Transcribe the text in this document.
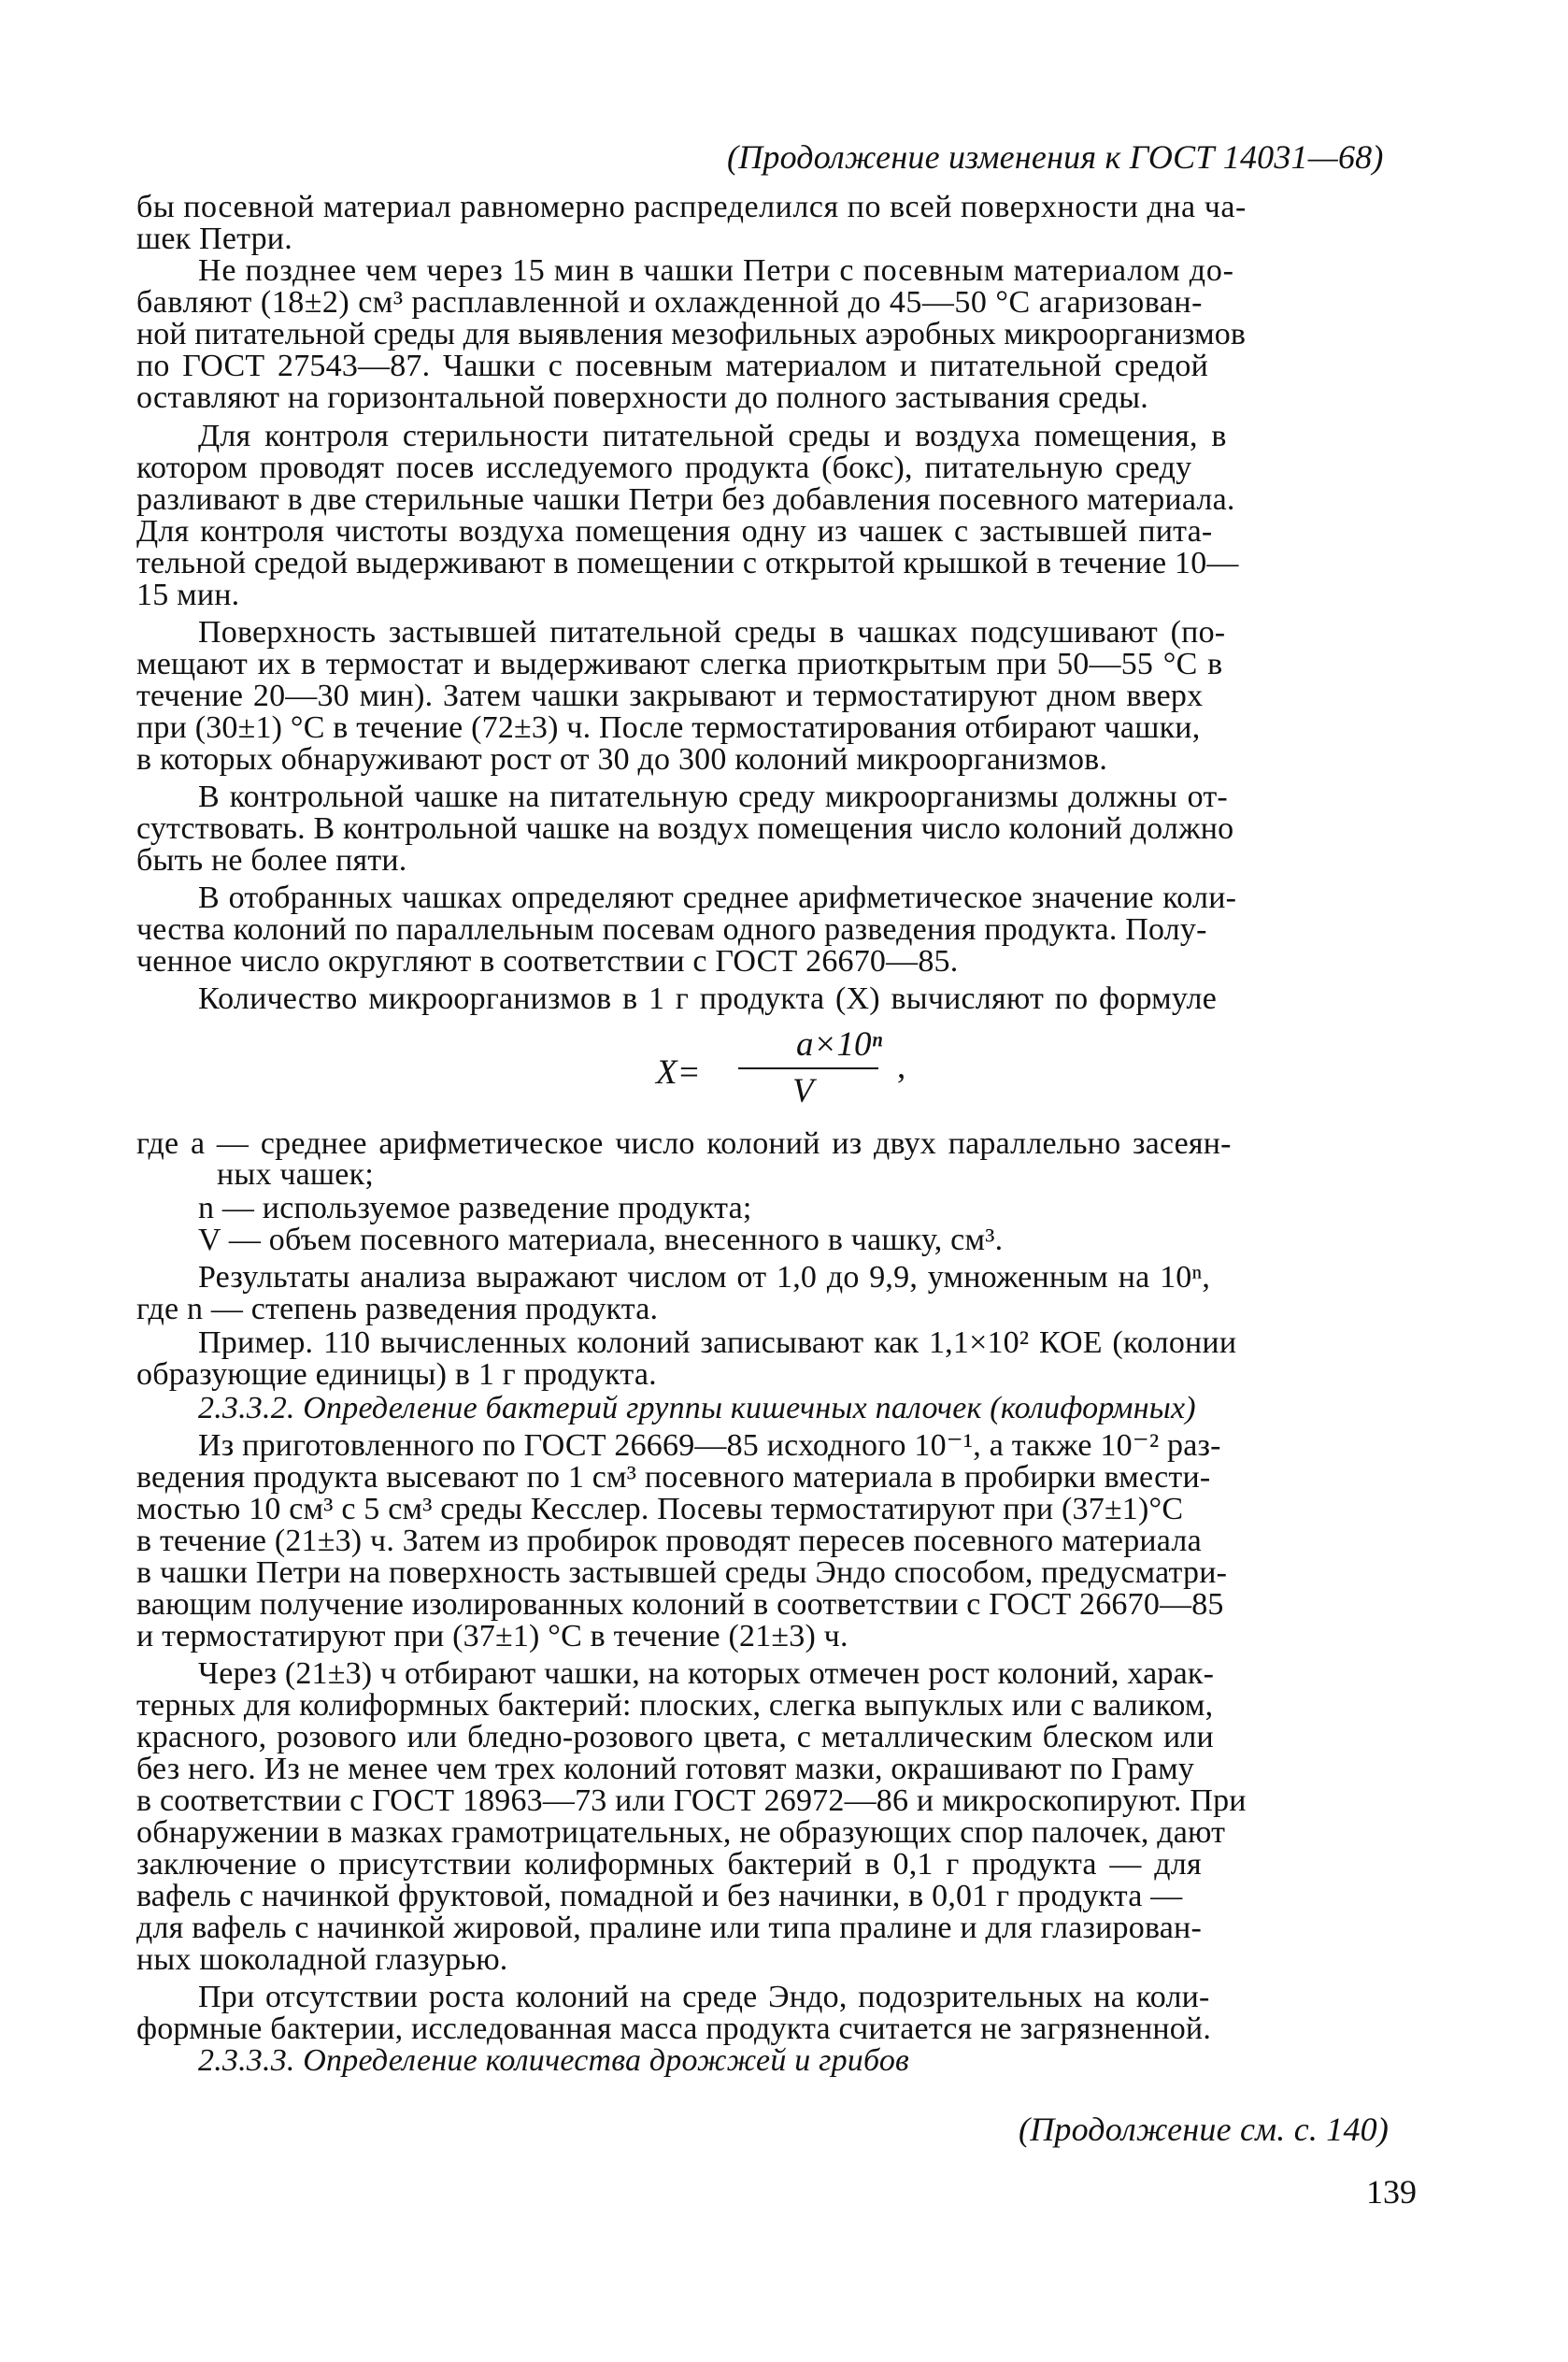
(Продолжение изменения к ГОСТ 14031—68)
бы посевной материал равномерно распределился по всей поверхности дна ча-
шек Петри.
Не позднее чем через 15 мин в чашки Петри с посевным материалом до-
бавляют (18±2) см³ расплавленной и охлажденной до 45—50 °С агаризован-
ной питательной среды для выявления мезофильных аэробных микроорганизмов
по ГОСТ 27543—87. Чашки с посевным материалом и питательной средой
оставляют на горизонтальной поверхности до полного застывания среды.
Для контроля стерильности питательной среды и воздуха помещения, в
котором проводят посев исследуемого продукта (бокс), питательную среду
разливают в две стерильные чашки Петри без добавления посевного материала.
Для контроля чистоты воздуха помещения одну из чашек с застывшей пита-
тельной средой выдерживают в помещении с открытой крышкой в течение 10—
15 мин.
Поверхность застывшей питательной среды в чашках подсушивают (по-
мещают их в термостат и выдерживают слегка приоткрытым при 50—55 °С в
течение 20—30 мин). Затем чашки закрывают и термостатируют дном вверх
при (30±1) °С в течение (72±3) ч. После термостатирования отбирают чашки,
в которых обнаруживают рост от 30 до 300 колоний микроорганизмов.
В контрольной чашке на питательную среду микроорганизмы должны от-
сутствовать. В контрольной чашке на воздух помещения число колоний должно
быть не более пяти.
В отобранных чашках определяют среднее арифметическое значение коли-
чества колоний по параллельным посевам одного разведения продукта. Полу-
ченное число округляют в соответствии с ГОСТ 26670—85.
Количество микроорганизмов в 1 г продукта (X) вычисляют по формуле
X=
a×10ⁿ
V
,
где a — среднее арифметическое число колоний из двух параллельно засеян-
ных чашек;
n — используемое разведение продукта;
V — объем посевного материала, внесенного в чашку, см³.
Результаты анализа выражают числом от 1,0 до 9,9, умноженным на 10ⁿ,
где n — степень разведения продукта.
Пример. 110 вычисленных колоний записывают как 1,1×10² КОЕ (колонии
образующие единицы) в 1 г продукта.
2.3.3.2. Определение бактерий группы кишечных палочек (колиформных)
Из приготовленного по ГОСТ 26669—85 исходного 10⁻¹, а также 10⁻² раз-
ведения продукта высевают по 1 см³ посевного материала в пробирки вмести-
мостью 10 см³ с 5 см³ среды Кесслер. Посевы термостатируют при (37±1)°С
в течение (21±3) ч. Затем из пробирок проводят пересев посевного материала
в чашки Петри на поверхность застывшей среды Эндо способом, предусматри-
вающим получение изолированных колоний в соответствии с ГОСТ 26670—85
и термостатируют при (37±1) °С в течение (21±3) ч.
Через (21±3) ч отбирают чашки, на которых отмечен рост колоний, харак-
терных для колиформных бактерий: плоских, слегка выпуклых или с валиком,
красного, розового или бледно-розового цвета, с металлическим блеском или
без него. Из не менее чем трех колоний готовят мазки, окрашивают по Граму
в соответствии с ГОСТ 18963—73 или ГОСТ 26972—86 и микроскопируют. При
обнаружении в мазках грамотрицательных, не образующих спор палочек, дают
заключение о присутствии колиформных бактерий в 0,1 г продукта — для
вафель с начинкой фруктовой, помадной и без начинки, в 0,01 г продукта —
для вафель с начинкой жировой, пралине или типа пралине и для глазирован-
ных шоколадной глазурью.
При отсутствии роста колоний на среде Эндо, подозрительных на коли-
формные бактерии, исследованная масса продукта считается не загрязненной.
2.3.3.3. Определение количества дрожжей и грибов
(Продолжение см. с. 140)
139
